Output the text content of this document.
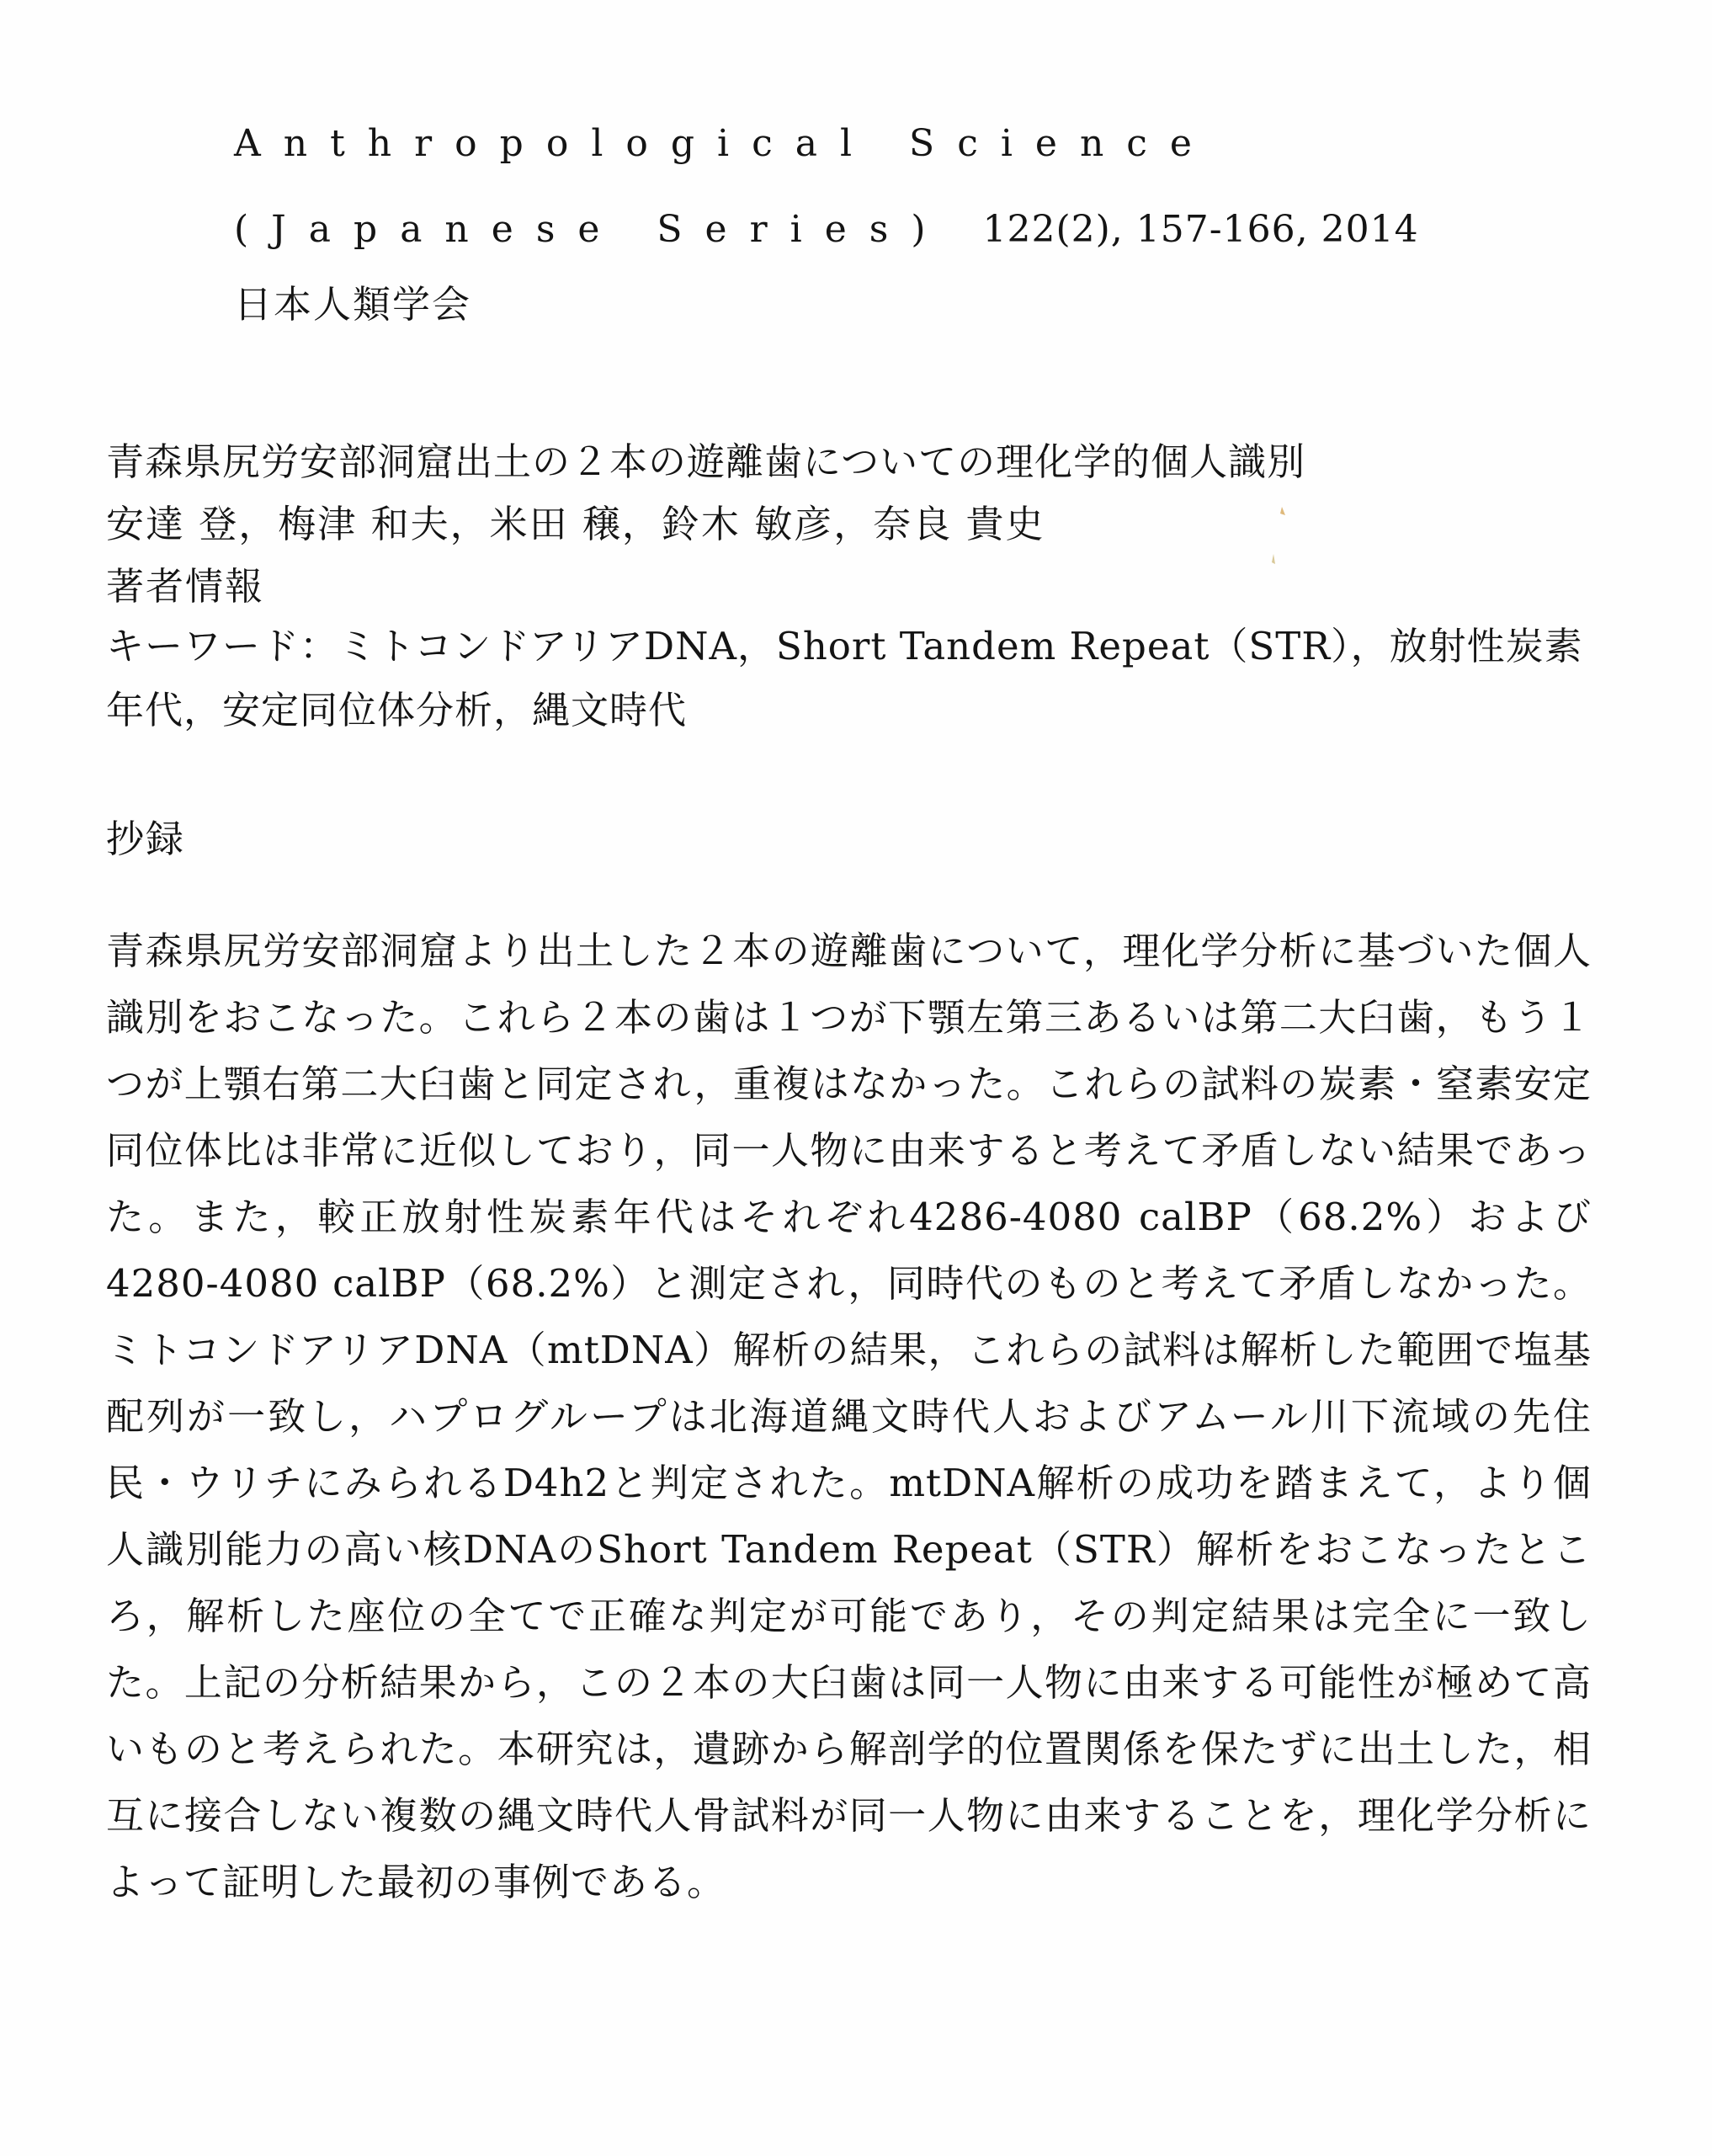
Anthropological Science (Japanese Series) 122(2), 157-166, 2014
日本人類学会
青森県尻労安部洞窟出土の２本の遊離歯についての理化学的個人識別
安達 登，梅津 和夫，米田 穣，鈴木 敏彦，奈良 貴史
著者情報
キーワード：ミトコンドアリアDNA，Short Tandem Repeat（STR），放射性炭素年代，安定同位体分析，縄文時代
抄録
青森県尻労安部洞窟より出土した２本の遊離歯について，理化学分析に基づいた個人識別をおこなった。これら２本の歯は１つが下顎左第三あるいは第二大臼歯，もう１つが上顎右第二大臼歯と同定され，重複はなかった。これらの試料の炭素・窒素安定同位体比は非常に近似しており，同一人物に由来すると考えて矛盾しない結果であった。また，較正放射性炭素年代はそれぞれ4286-4080 calBP（68.2%）および4280-4080 calBP（68.2%）と測定され，同時代のものと考えて矛盾しなかった。ミトコンドアリアDNA（mtDNA）解析の結果，これらの試料は解析した範囲で塩基配列が一致し，ハプログループは北海道縄文時代人およびアムール川下流域の先住民・ウリチにみられるD4h2と判定された。mtDNA解析の成功を踏まえて，より個人識別能力の高い核DNAのShort Tandem Repeat（STR）解析をおこなったところ，解析した座位の全てで正確な判定が可能であり，その判定結果は完全に一致した。上記の分析結果から，この２本の大臼歯は同一人物に由来する可能性が極めて高いものと考えられた。本研究は，遺跡から解剖学的位置関係を保たずに出土した，相互に接合しない複数の縄文時代人骨試料が同一人物に由来することを，理化学分析によって証明した最初の事例である。
